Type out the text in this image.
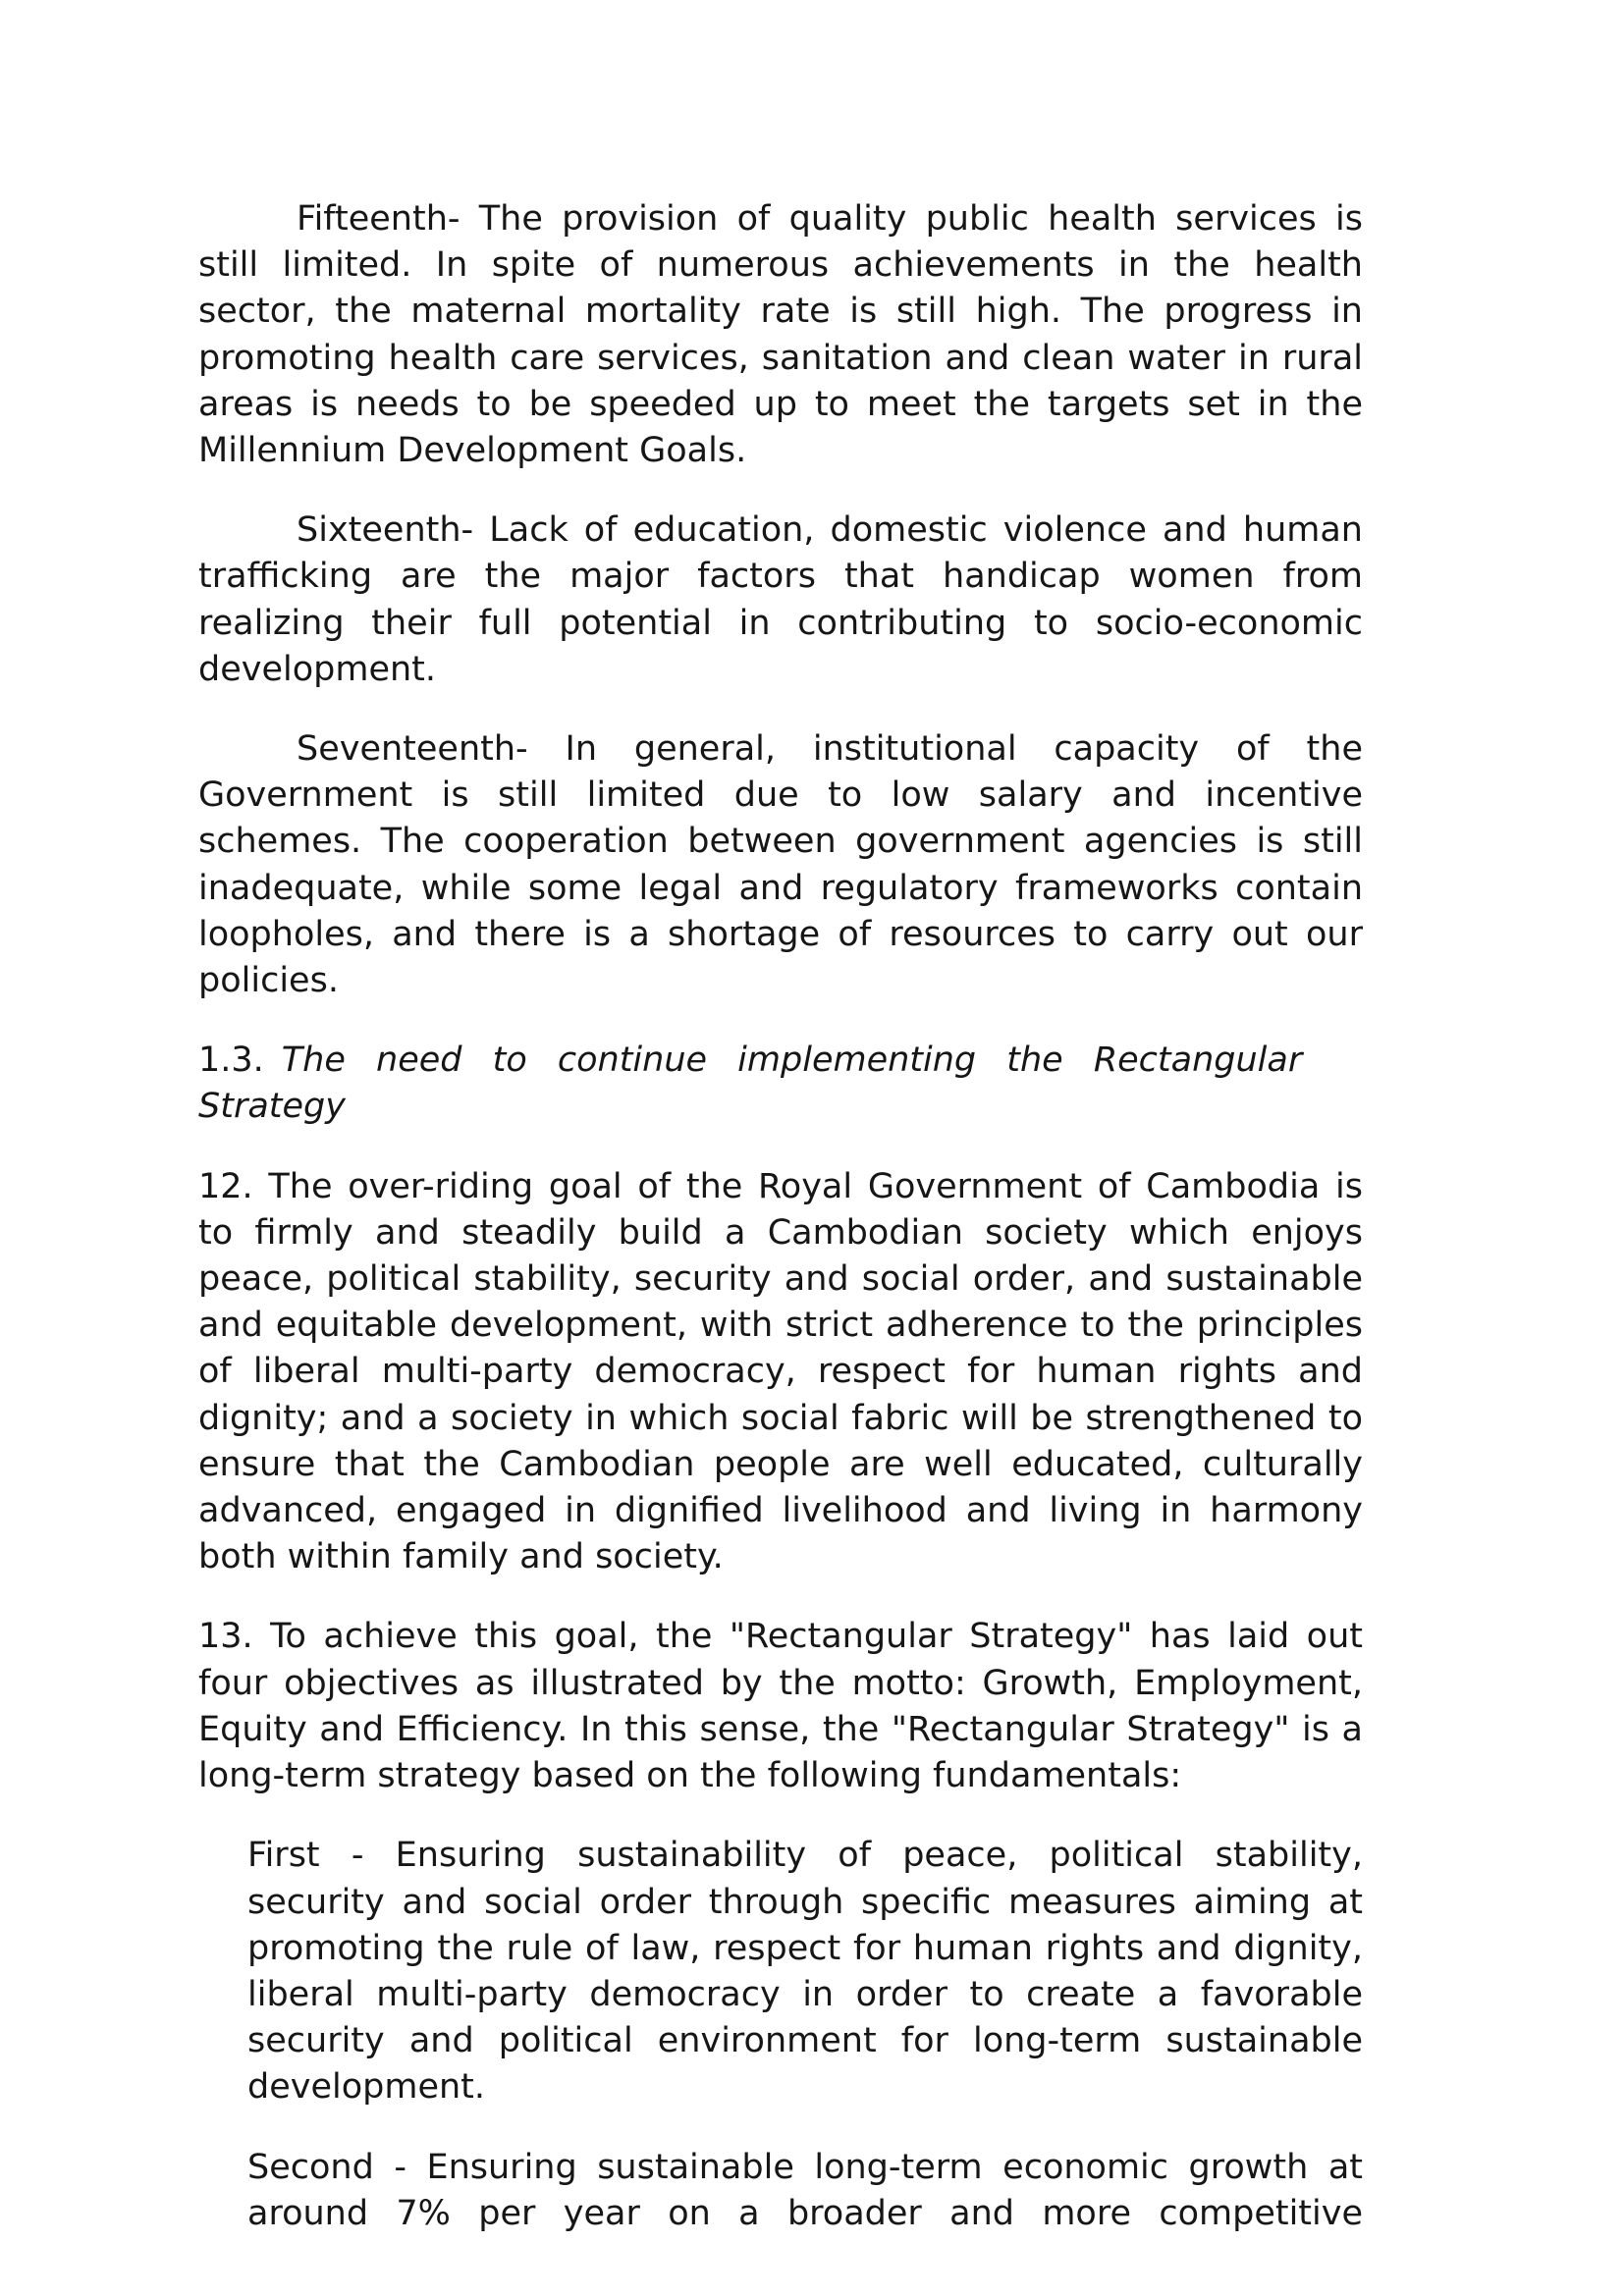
Fifteenth- The provision of quality public health services is still limited. In spite of numerous achievements in the health sector, the maternal mortality rate is still high. The progress in promoting health care services, sanitation and clean water in rural areas is needs to be speeded up to meet the targets set in the Millennium Development Goals.

Sixteenth- Lack of education, domestic violence and human trafficking are the major factors that handicap women from realizing their full potential in contributing to socio-economic development.

Seventeenth- In general, institutional capacity of the Government is still limited due to low salary and incentive schemes. The cooperation between government agencies is still inadequate, while some legal and regulatory frameworks contain loopholes, and there is a shortage of resources to carry out our policies.

1.3. The need to continue implementing the Rectangular Strategy

12. The over-riding goal of the Royal Government of Cambodia is to firmly and steadily build a Cambodian society which enjoys peace, political stability, security and social order, and sustainable and equitable development, with strict adherence to the principles of liberal multi-party democracy, respect for human rights and dignity; and a society in which social fabric will be strengthened to ensure that the Cambodian people are well educated, culturally advanced, engaged in dignified livelihood and living in harmony both within family and society.

13. To achieve this goal, the "Rectangular Strategy" has laid out four objectives as illustrated by the motto: Growth, Employment, Equity and Efficiency. In this sense, the "Rectangular Strategy" is a long-term strategy based on the following fundamentals:

First - Ensuring sustainability of peace, political stability, security and social order through specific measures aiming at promoting the rule of law, respect for human rights and dignity, liberal multi-party democracy in order to create a favorable security and political environment for long-term sustainable development.

Second - Ensuring sustainable long-term economic growth at around 7% per year on a broader and more competitive
